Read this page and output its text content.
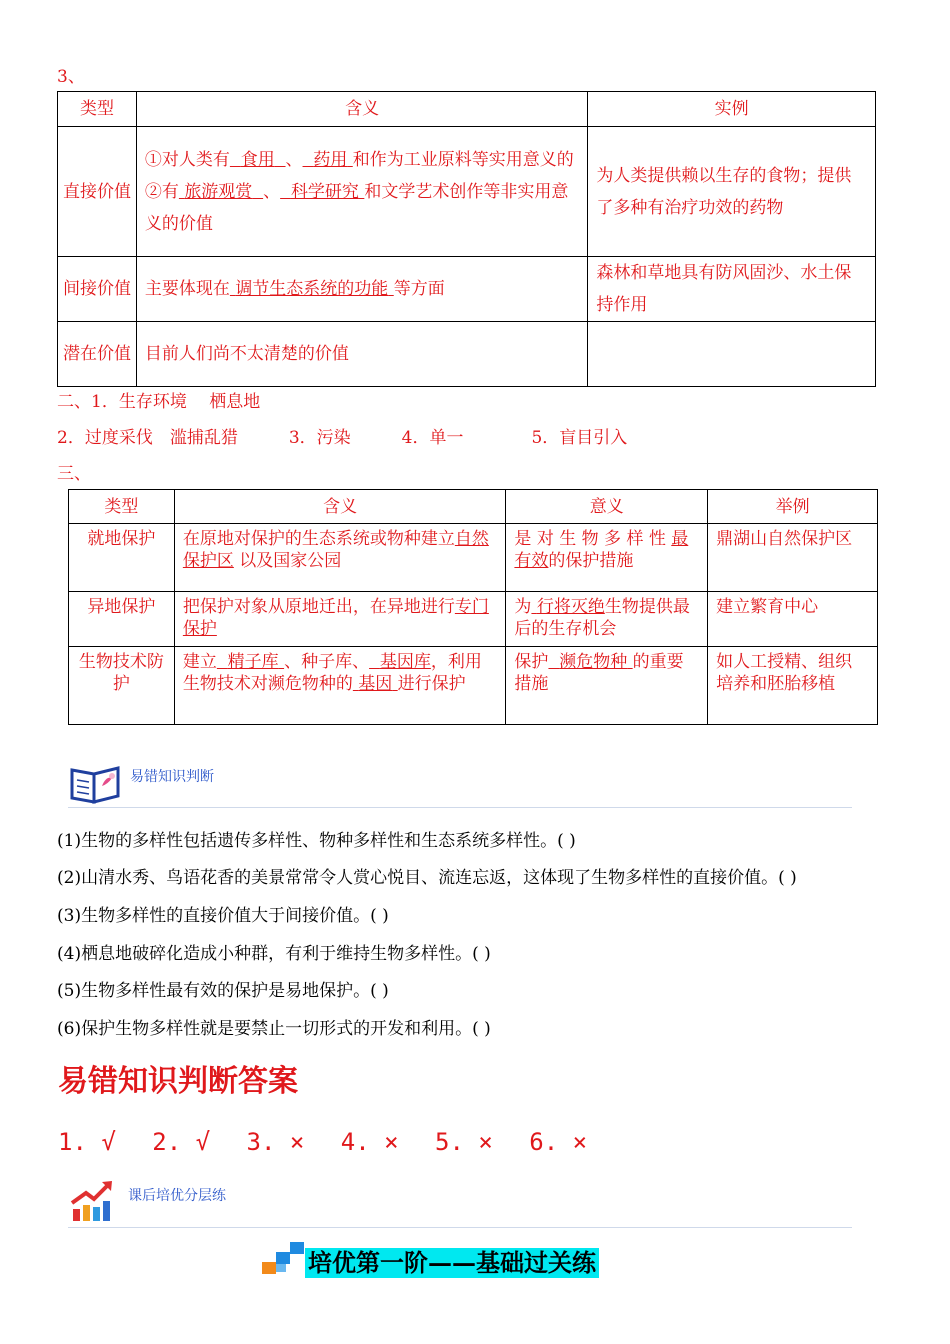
3、
类型	含义	实例
直接价值	①对人类有 食用 、 药用 和作为工业原料等实用意义的
②有 旅游观赏 、 科学研究 和文学艺术创作等非实用意义的价值	为人类提供赖以生存的食物；提供了多种有治疗功效的药物
间接价值	主要体现在 调节生态系统的功能 等方面	森林和草地具有防风固沙、水土保持作用
潜在价值	目前人们尚不太清楚的价值	
二、1．生存环境　 栖息地
2．过度采伐　滥捕乱猎　　　3．污染　　　4．单一　　　　5．盲目引入
三、
类型	含义	意义	举例
就地保护	在原地对保护的生态系统或物种建立自然保护区 以及国家公园	是 对 生 物 多 样 性 最有效的保护措施	鼎湖山自然保护区
异地保护	把保护对象从原地迁出，在异地进行专门保护	为 行将灭绝生物提供最后的生存机会	建立繁育中心
生物技术防护	建立 精子库 、种子库、 基因库，利用生物技术对濒危物种的 基因 进行保护	保护 濒危物种 的重要措施	如人工授精、组织培养和胚胎移植
易错知识判断
(1)生物的多样性包括遗传多样性、物种多样性和生态系统多样性。( )
(2)山清水秀、鸟语花香的美景常常令人赏心悦目、流连忘返，这体现了生物多样性的直接价值。( )
(3)生物多样性的直接价值大于间接价值。( )
(4)栖息地破碎化造成小种群，有利于维持生物多样性。( )
(5)生物多样性最有效的保护是易地保护。( )
(6)保护生物多样性就是要禁止一切形式的开发和利用。( )
易错知识判断答案
1. √ 2. √ 3. × 4. × 5. × 6. ×
课后培优分层练
培优第一阶——基础过关练
